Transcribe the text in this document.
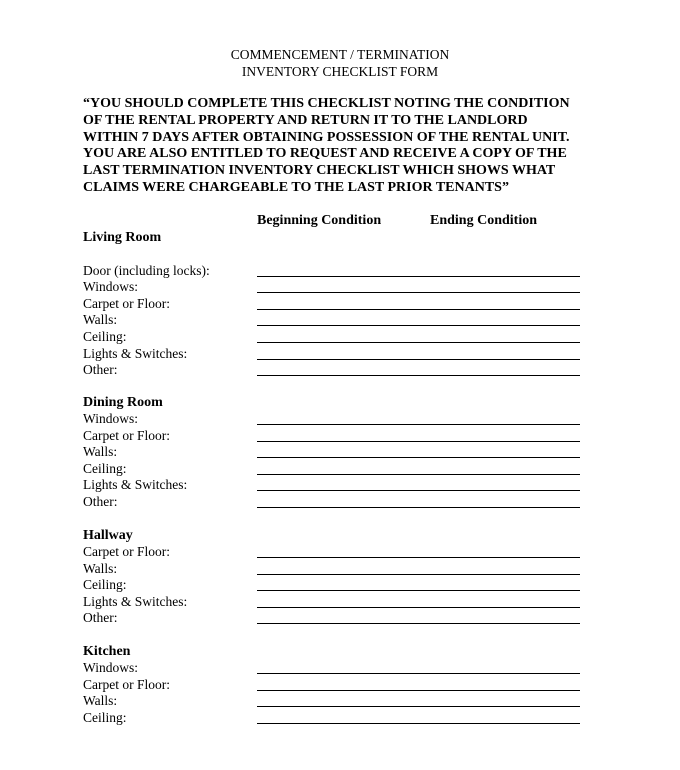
COMMENCEMENT / TERMINATION
INVENTORY CHECKLIST FORM
“YOU SHOULD COMPLETE THIS CHECKLIST NOTING THE CONDITION
OF THE RENTAL PROPERTY AND RETURN IT TO THE LANDLORD
WITHIN 7 DAYS AFTER OBTAINING POSSESSION OF THE RENTAL UNIT.
YOU ARE ALSO ENTITLED TO REQUEST AND RECEIVE A COPY OF THE
LAST TERMINATION INVENTORY CHECKLIST WHICH SHOWS WHAT
CLAIMS WERE CHARGEABLE TO THE LAST PRIOR TENANTS”
Beginning Condition	Ending Condition
Living Room
Door (including locks):
Windows:
Carpet or Floor:
Walls:
Ceiling:
Lights & Switches:
Other:
Dining Room
Windows:
Carpet or Floor:
Walls:
Ceiling:
Lights & Switches:
Other:
Hallway
Carpet or Floor:
Walls:
Ceiling:
Lights & Switches:
Other:
Kitchen
Windows:
Carpet or Floor:
Walls:
Ceiling:
